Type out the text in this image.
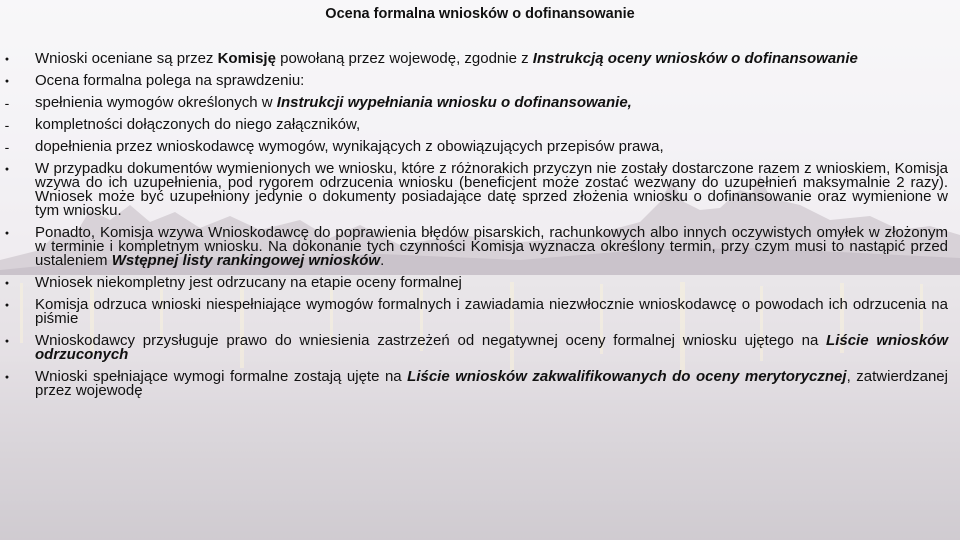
Ocena formalna wniosków o dofinansowanie
●
Wnioski oceniane są przez Komisję powołaną przez wojewodę, zgodnie z Instrukcją oceny wniosków o dofinansowanie
●
Ocena formalna polega na sprawdzeniu:
-
spełnienia wymogów określonych w Instrukcji wypełniania wniosku o dofinansowanie,
-
kompletności dołączonych do niego załączników,
-
dopełnienia przez wnioskodawcę wymogów, wynikających z obowiązujących przepisów prawa,
●
W przypadku dokumentów wymienionych we wniosku, które z różnorakich przyczyn nie zostały dostarczone razem z wnioskiem, Komisja wzywa do ich uzupełnienia, pod rygorem odrzucenia wniosku (beneficjent może zostać wezwany do uzupełnień maksymalnie 2 razy). Wniosek może być uzupełniony jedynie o dokumenty posiadające datę sprzed złożenia wniosku o dofinansowanie oraz wymienione w tym wniosku.
●
Ponadto, Komisja wzywa Wnioskodawcę do poprawienia błędów pisarskich, rachunkowych albo innych oczywistych omyłek w złożonym w terminie i kompletnym wniosku. Na dokonanie tych czynności Komisja wyznacza określony termin, przy czym musi to nastąpić przed ustaleniem Wstępnej listy rankingowej wniosków.
●
Wniosek niekompletny jest odrzucany na etapie oceny formalnej
●
Komisja odrzuca wnioski niespełniające wymogów formalnych i zawiadamia niezwłocznie wnioskodawcę o powodach ich odrzucenia na piśmie
●
Wnioskodawcy przysługuje prawo do wniesienia zastrzeżeń od negatywnej oceny formalnej wniosku ujętego na Liście wniosków odrzuconych
●
Wnioski spełniające wymogi formalne zostają ujęte na Liście wniosków zakwalifikowanych do oceny merytorycznej, zatwierdzanej przez wojewodę
